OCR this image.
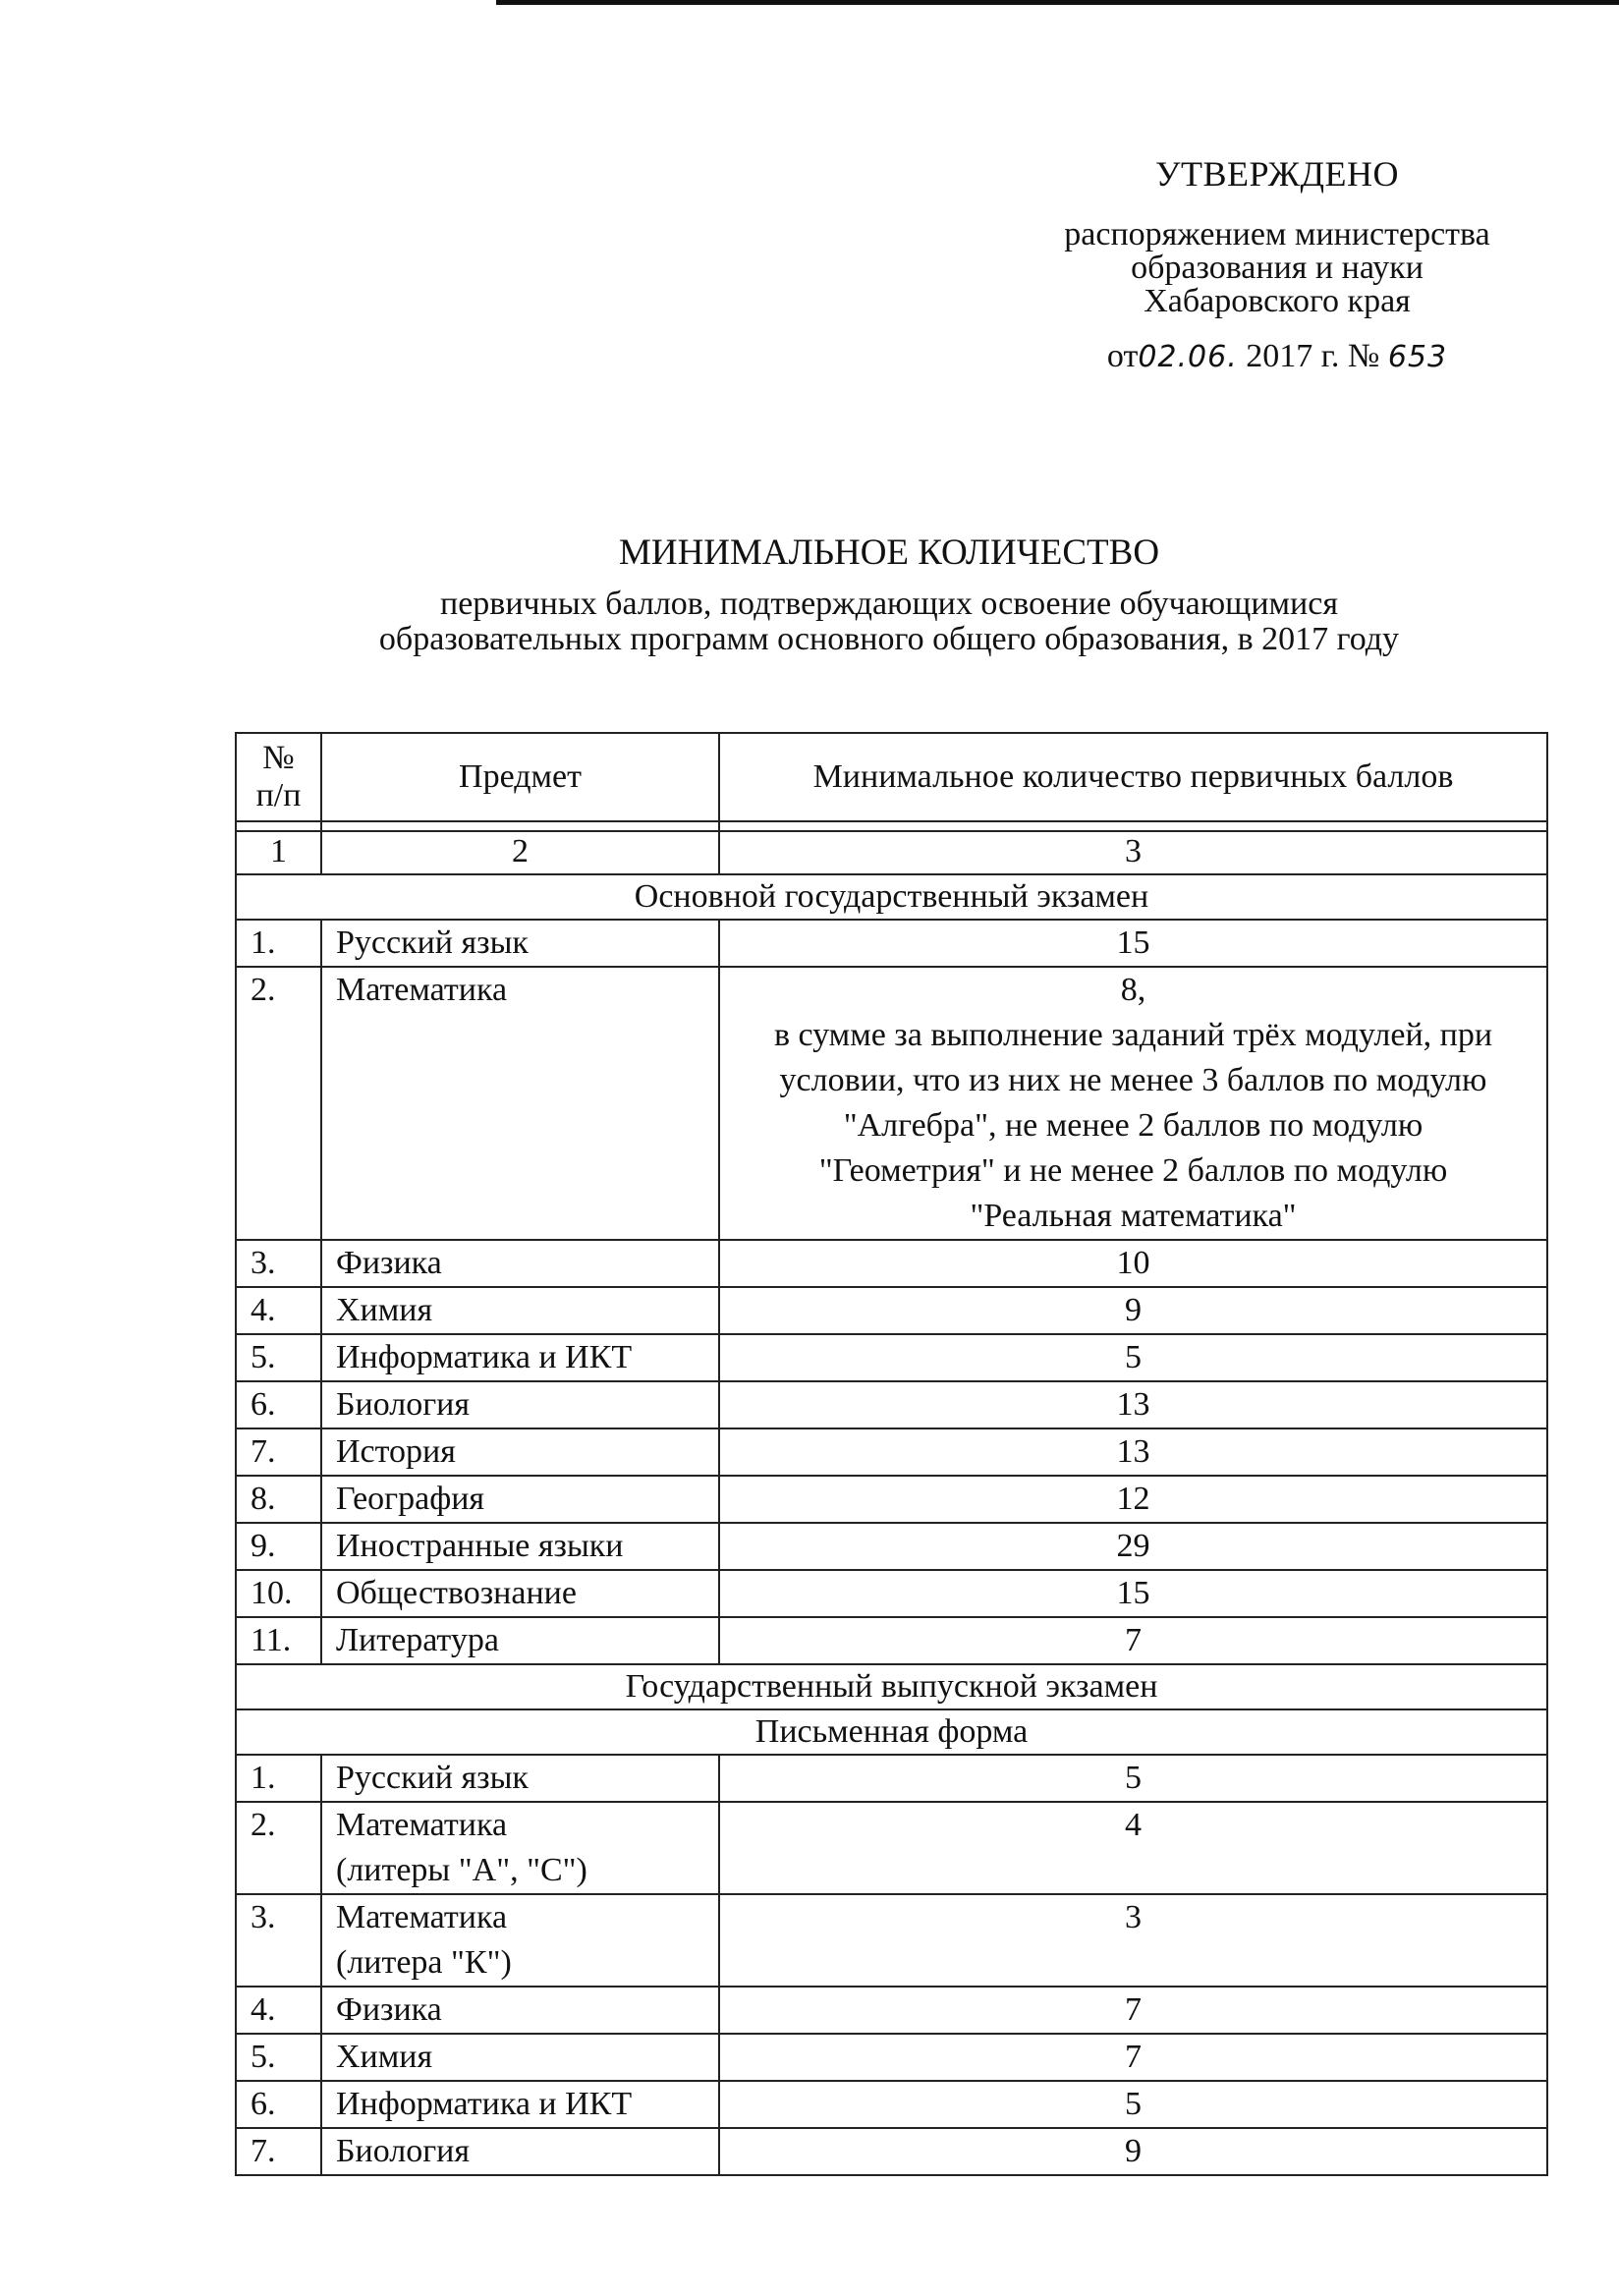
УТВЕРЖДЕНО
распоряжением министерства
образования и науки
Хабаровского края
от02.06. 2017 г. № 653
МИНИМАЛЬНОЕ КОЛИЧЕСТВО
первичных баллов, подтверждающих освоение обучающимися
образовательных программ основного общего образования, в 2017 году
№ п/п	Предмет	Минимальное количество первичных баллов

1	2	3
Основной государственный экзамен		
1.	Русский язык	15
2.	Математика	8,
в сумме за выполнение заданий трёх модулей, при условии, что из них не менее 3 баллов по модулю "Алгебра", не менее 2 баллов по модулю "Геометрия" и не менее 2 баллов по модулю "Реальная математика"

3.	Физика	10
4.	Химия	9
5.	Информатика и ИКТ	5
6.	Биология	13
7.	История	13
8.	География	12
9.	Иностранные языки	29
10.	Обществознание	15
11.	Литература	7
Государственный выпускной экзамен		
Письменная форма		
1.	Русский язык	5
2.	Математика
(литеры "А", "С")	4
3.	Математика
(литера "К")	3
4.	Физика	7
5.	Химия	7
6.	Информатика и ИКТ	5
7.	Биология	9
